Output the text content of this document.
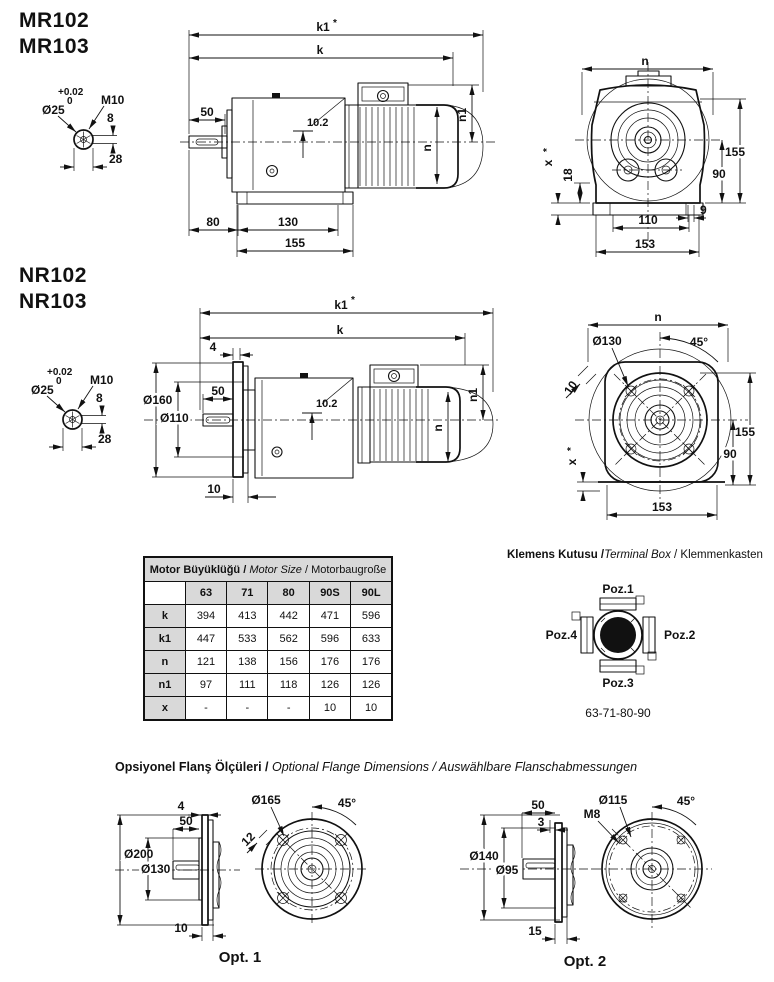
MR102
MR103
+0.02
0
Ø25
M10
8
28
k1 *
k
50
10.2
n
n1
80	130
155
n
x
*
18
155
90
9
110
153
NR102
NR103
+0.02
0
Ø25
M10
8
28
k1 *
k
4
Ø160
Ø110
50
10.2
n
n1
10
n
Ø130	45°
10
x
*
155
90
153
Motor Büyüklüğü / Motor Size / Motorbaugroße					
	63	71	80	90S	90L
k	394	413	442	471	596
k1	447	533	562	596	633
n	121	138	156	176	176
n1	97	111	118	126	126
x	-	-	-	10	10
Klemens Kutusu /Terminal Box / Klemmenkasten
Poz.1
Poz.2
Poz.3
Poz.4
63-71-80-90
Opsiyonel Flanş Ölçüleri / Optional Flange Dimensions / Auswählbare Flanschabmessungen
Ø200
4
50
Ø130
10
Ø165	45°
12
Opt. 1
50
3
Ø140
Ø95
15
Ø115
M8
45°
Opt. 2
